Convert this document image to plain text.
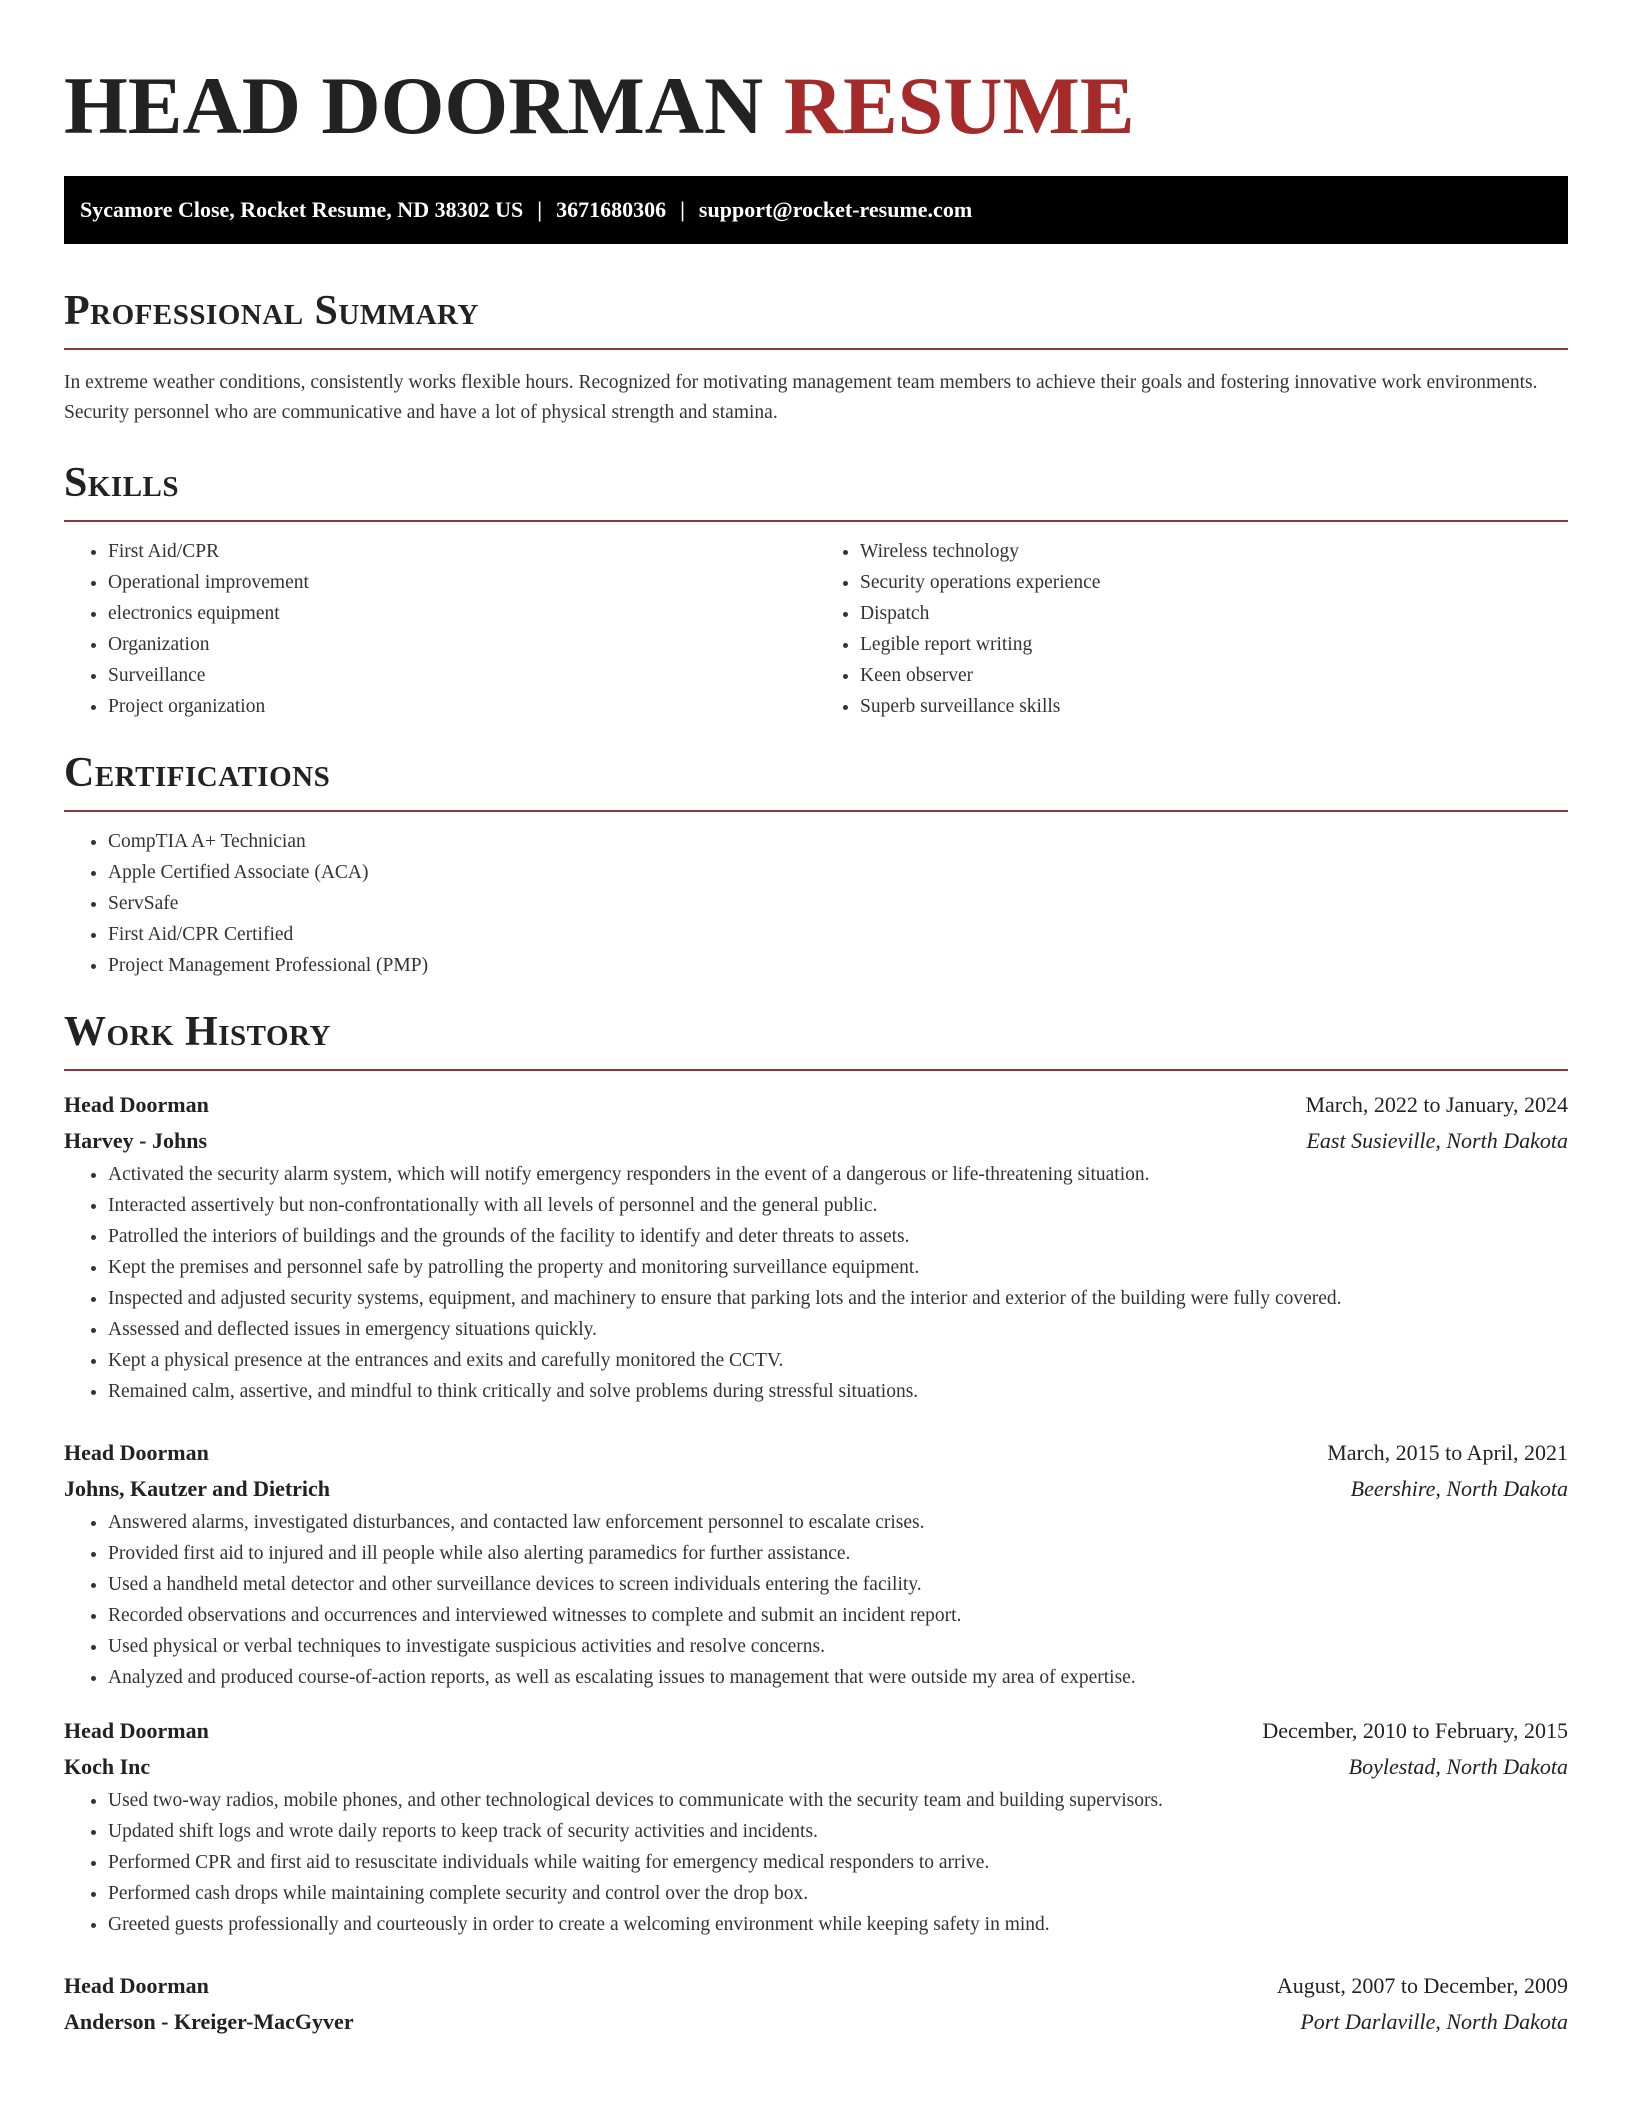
HEAD DOORMAN RESUME
Sycamore Close, Rocket Resume, ND 38302 US | 3671680306 | support@rocket-resume.com
Professional Summary

In extreme weather conditions, consistently works flexible hours. Recognized for motivating management team members to achieve their goals and fostering innovative work environments. Security personnel who are communicative and have a lot of physical strength and stamina.

Skills
• First Aid/CPR
• Operational improvement
• electronics equipment
• Organization
• Surveillance
• Project organization
• Wireless technology
• Security operations experience
• Dispatch
• Legible report writing
• Keen observer
• Superb surveillance skills
Certifications
• CompTIA A+ Technician
• Apple Certified Associate (ACA)
• ServSafe
• First Aid/CPR Certified
• Project Management Professional (PMP)
Work History
Head Doorman	March, 2022 to January, 2024
Harvey - Johns	East Susieville, North Dakota
• Activated the security alarm system, which will notify emergency responders in the event of a dangerous or life-threatening situation.
• Interacted assertively but non-confrontationally with all levels of personnel and the general public.
• Patrolled the interiors of buildings and the grounds of the facility to identify and deter threats to assets.
• Kept the premises and personnel safe by patrolling the property and monitoring surveillance equipment.
• Inspected and adjusted security systems, equipment, and machinery to ensure that parking lots and the interior and exterior of the building were fully covered.
• Assessed and deflected issues in emergency situations quickly.
• Kept a physical presence at the entrances and exits and carefully monitored the CCTV.
• Remained calm, assertive, and mindful to think critically and solve problems during stressful situations.
Head Doorman	March, 2015 to April, 2021
Johns, Kautzer and Dietrich	Beershire, North Dakota
• Answered alarms, investigated disturbances, and contacted law enforcement personnel to escalate crises.
• Provided first aid to injured and ill people while also alerting paramedics for further assistance.
• Used a handheld metal detector and other surveillance devices to screen individuals entering the facility.
• Recorded observations and occurrences and interviewed witnesses to complete and submit an incident report.
• Used physical or verbal techniques to investigate suspicious activities and resolve concerns.
• Analyzed and produced course-of-action reports, as well as escalating issues to management that were outside my area of expertise.
Head Doorman	December, 2010 to February, 2015
Koch Inc	Boylestad, North Dakota
• Used two-way radios, mobile phones, and other technological devices to communicate with the security team and building supervisors.
• Updated shift logs and wrote daily reports to keep track of security activities and incidents.
• Performed CPR and first aid to resuscitate individuals while waiting for emergency medical responders to arrive.
• Performed cash drops while maintaining complete security and control over the drop box.
• Greeted guests professionally and courteously in order to create a welcoming environment while keeping safety in mind.
Head Doorman	August, 2007 to December, 2009
Anderson - Kreiger-MacGyver	Port Darlaville, North Dakota
